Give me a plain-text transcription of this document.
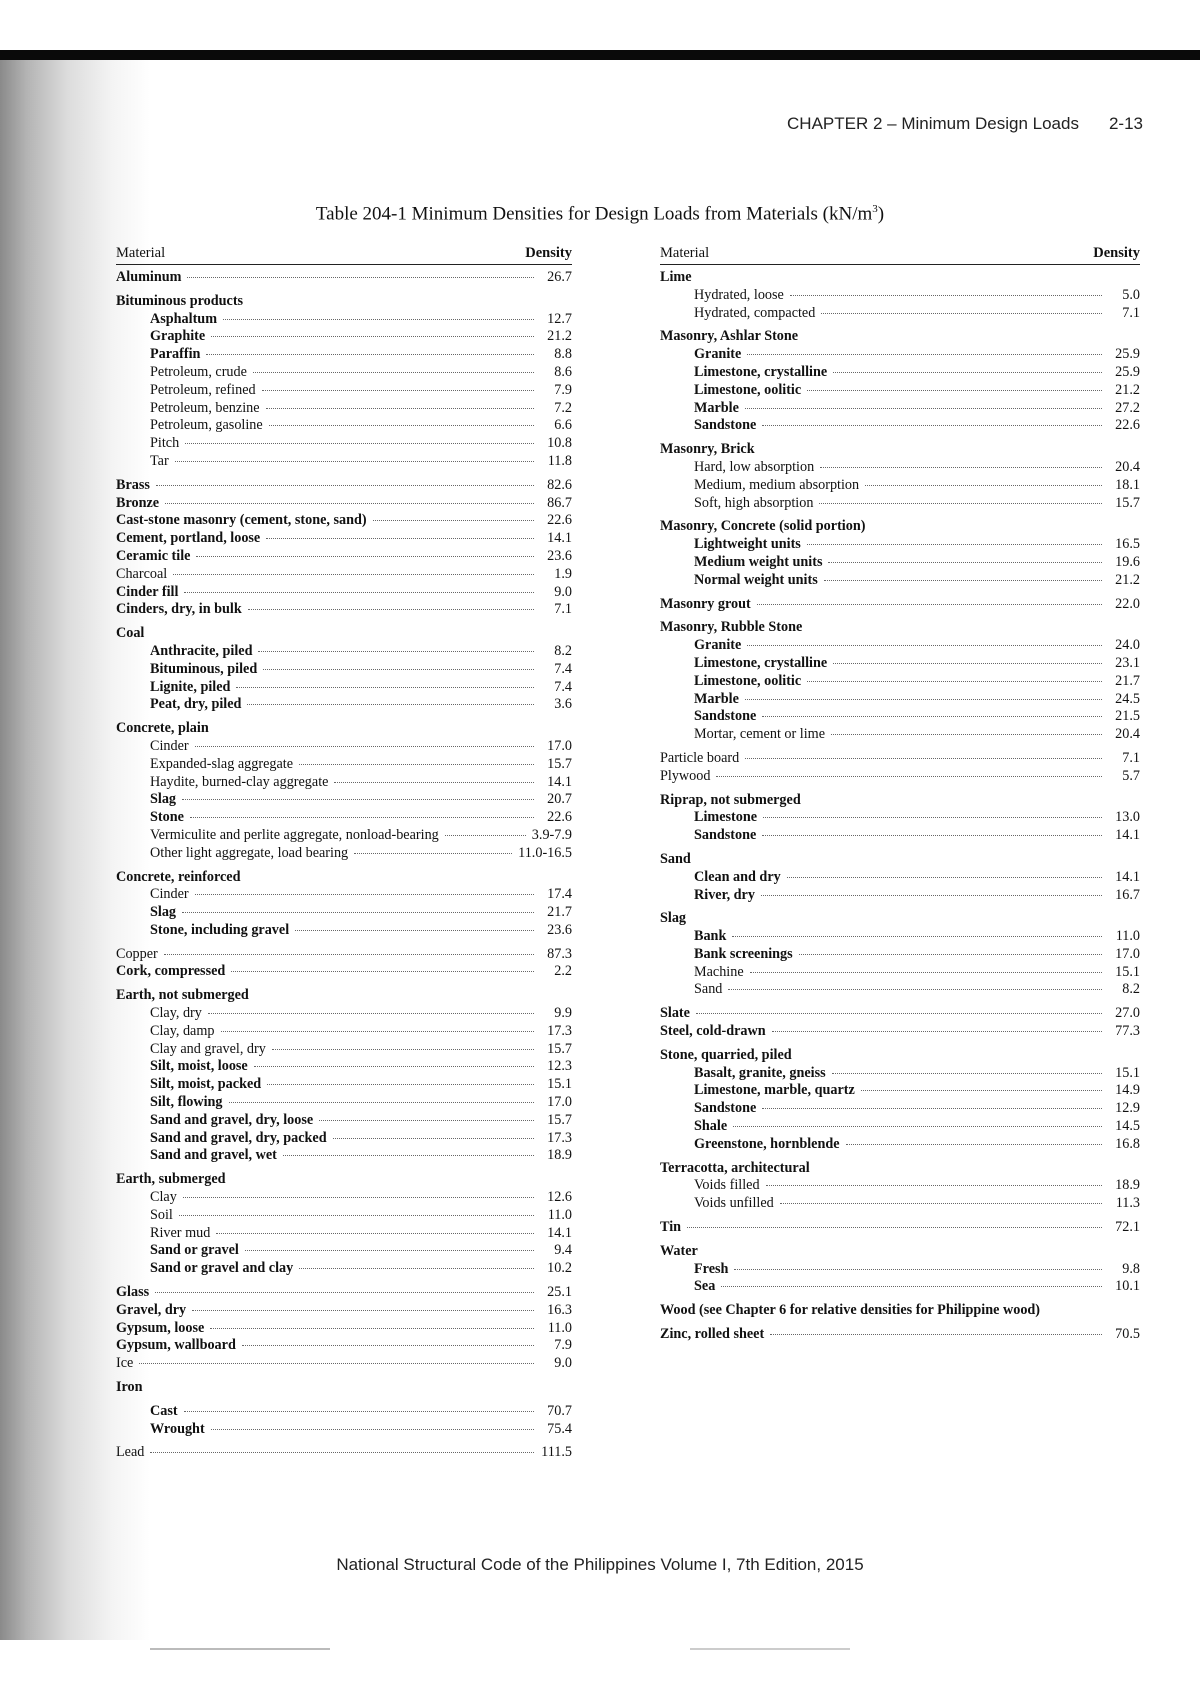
CHAPTER 2 – Minimum Design Loads 2-13
Table 204-1 Minimum Densities for Design Loads from Materials $(kN/m^3)$
Material	Density
Aluminum	26.7
Bituminous products
Asphaltum	12.7
Graphite	21.2
Paraffin	8.8
Petroleum, crude	8.6
Petroleum, refined	7.9
Petroleum, benzine	7.2
Petroleum, gasoline	6.6
Pitch	10.8
Tar	11.8
Brass	82.6
Bronze	86.7
Cast-stone masonry (cement, stone, sand)	22.6
Cement, portland, loose	14.1
Ceramic tile	23.6
Charcoal	1.9
Cinder fill	9.0
Cinders, dry, in bulk	7.1
Coal
Anthracite, piled	8.2
Bituminous, piled	7.4
Lignite, piled	7.4
Peat, dry, piled	3.6
Concrete, plain
Cinder	17.0
Expanded-slag aggregate	15.7
Haydite, burned-clay aggregate	14.1
Slag	20.7
Stone	22.6
Vermiculite and perlite aggregate, nonload-bearing	3.9-7.9
Other light aggregate, load bearing	11.0-16.5
Concrete, reinforced
Cinder	17.4
Slag	21.7
Stone, including gravel	23.6
Copper	87.3
Cork, compressed	2.2
Earth, not submerged
Clay, dry	9.9
Clay, damp	17.3
Clay and gravel, dry	15.7
Silt, moist, loose	12.3
Silt, moist, packed	15.1
Silt, flowing	17.0
Sand and gravel, dry, loose	15.7
Sand and gravel, dry, packed	17.3
Sand and gravel, wet	18.9
Earth, submerged
Clay	12.6
Soil	11.0
River mud	14.1
Sand or gravel	9.4
Sand or gravel and clay	10.2
Glass	25.1
Gravel, dry	16.3
Gypsum, loose	11.0
Gypsum, wallboard	7.9
Ice	9.0
Iron
Cast	70.7
Wrought	75.4
Lead	111.5
Material	Density
Lime
Hydrated, loose	5.0
Hydrated, compacted	7.1
Masonry, Ashlar Stone
Granite	25.9
Limestone, crystalline	25.9
Limestone, oolitic	21.2
Marble	27.2
Sandstone	22.6
Masonry, Brick
Hard, low absorption	20.4
Medium, medium absorption	18.1
Soft, high absorption	15.7
Masonry, Concrete (solid portion)
Lightweight units	16.5
Medium weight units	19.6
Normal weight units	21.2
Masonry grout	22.0
Masonry, Rubble Stone
Granite	24.0
Limestone, crystalline	23.1
Limestone, oolitic	21.7
Marble	24.5
Sandstone	21.5
Mortar, cement or lime	20.4
Particle board	7.1
Plywood	5.7
Riprap, not submerged
Limestone	13.0
Sandstone	14.1
Sand
Clean and dry	14.1
River, dry	16.7
Slag
Bank	11.0
Bank screenings	17.0
Machine	15.1
Sand	8.2
Slate	27.0
Steel, cold-drawn	77.3
Stone, quarried, piled
Basalt, granite, gneiss	15.1
Limestone, marble, quartz	14.9
Sandstone	12.9
Shale	14.5
Greenstone, hornblende	16.8
Terracotta, architectural
Voids filled	18.9
Voids unfilled	11.3
Tin	72.1
Water
Fresh	9.8
Sea	10.1
Wood (see Chapter 6 for relative densities for Philippine wood)
Zinc, rolled sheet	70.5
National Structural Code of the Philippines Volume I, 7th Edition, 2015
